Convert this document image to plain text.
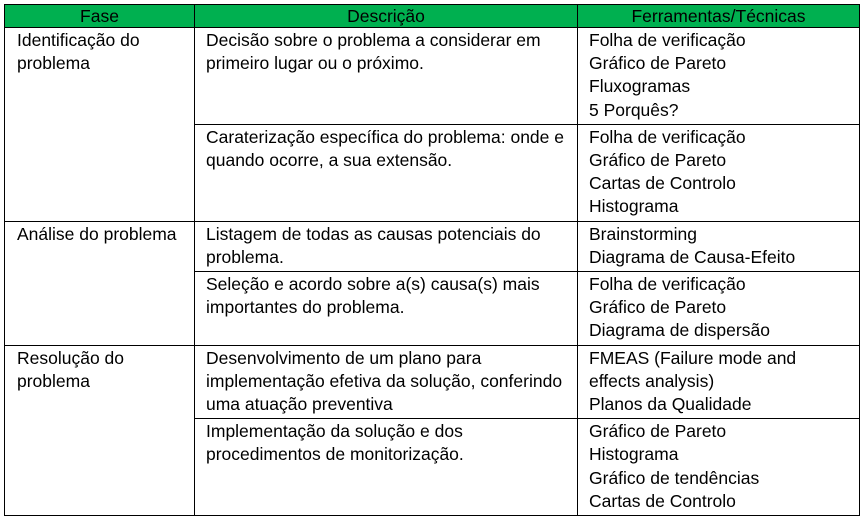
Fase	Descrição	Ferramentas/Técnicas
Identificação do problema	Decisão sobre o problema a considerar em primeiro lugar ou o próximo.	Folha de verificação
Gráfico de Pareto
Fluxogramas
5 Porquês?

	Caraterização específica do problema: onde e quando ocorre, a sua extensão.	Folha de verificação
Gráfico de Pareto
Cartas de Controlo
Histograma

Análise do problema	Listagem de todas as causas potenciais do problema.	Brainstorming
Diagrama de Causa-Efeito

	Seleção e acordo sobre a(s) causa(s) mais importantes do problema.	Folha de verificação
Gráfico de Pareto
Diagrama de dispersão

Resolução do problema	Desenvolvimento de um plano para implementação efetiva da solução, conferindo uma atuação preventiva	FMEAS (Failure mode and effects analysis)
Planos da Qualidade

	Implementação da solução e dos procedimentos de monitorização.	Gráfico de Pareto
Histograma
Gráfico de tendências
Cartas de Controlo
